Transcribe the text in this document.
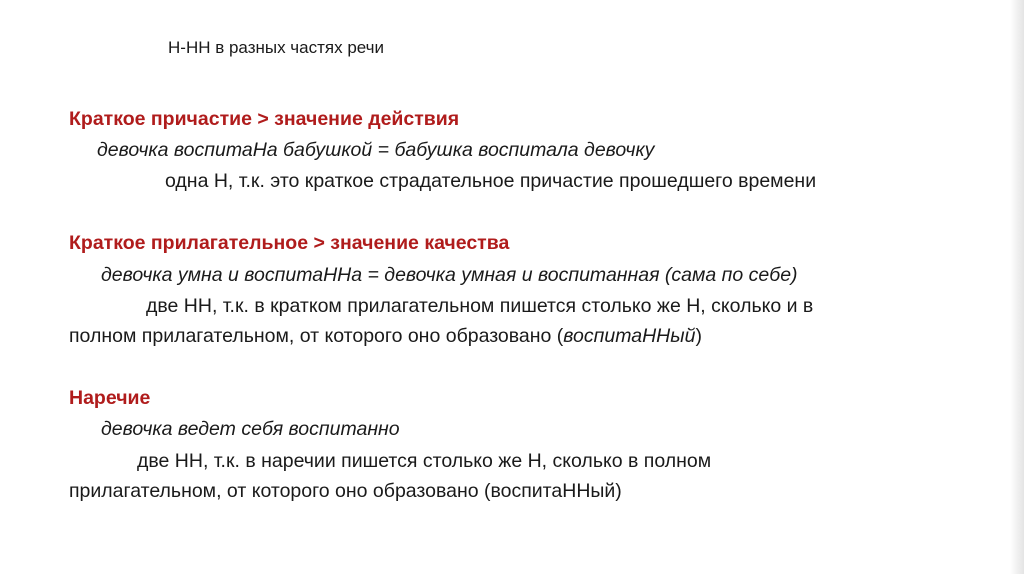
Н-НН в разных частях речи
Краткое причастие > значение действия
девочка воспитаНа бабушкой = бабушка воспитала девочку
одна Н, т.к. это краткое страдательное причастие прошедшего времени
Краткое прилагательное > значение качества
девочка умна и воспитаННа = девочка умная и воспитанная (сама по себе)
две НН, т.к. в кратком прилагательном пишется столько же Н, сколько и в
полном прилагательном, от которого оно образовано (воспитаННый)
Наречие
девочка ведет себя воспитанно
две НН, т.к. в наречии пишется столько же Н, сколько в полном
прилагательном, от которого оно образовано (воспитаННый)
